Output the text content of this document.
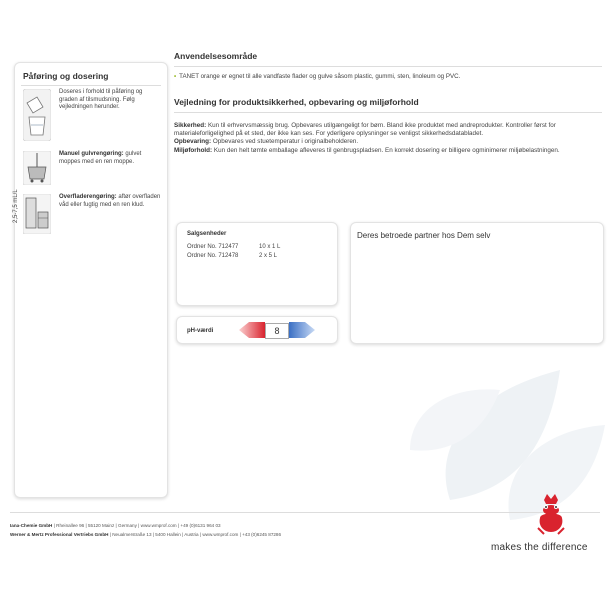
Påføring og dosering
2,5-7,5 mL/L
Doseres i forhold til påføring og graden af tilsmudsning. Følg vejledningen herunder.
Manuel gulvrengøring: gulvet moppes med en ren moppe.
Overfladerengøring: aftør overfladen våd eller fugtig med en ren klud.
Anvendelsesområde
• TANET orange er egnet til alle vandfaste flader og gulve såsom plastic, gummi, sten, linoleum og PVC.
Vejledning for produktsikkerhed, opbevaring og miljøforhold
Sikkerhed: Kun til erhvervsmæssig brug. Opbevares utilgængeligt for børn. Bland ikke produktet med andreprodukter. Kontroller først for materialeforligelighed på et sted, der ikke kan ses. For yderligere oplysninger se venligst sikkerhedsdatabladet.
Opbevaring: Opbevares ved stuetemperatur i originalbeholderen.
Miljøforhold: Kun den helt tømte emballage afleveres til genbrugspladsen. En korrekt dosering er billigere ogminimerer miljøbelastningen.
Salgsenheder
Ordner No. 712477	10 x 1 L
Ordner No. 712478	2 x 5 L
Deres betroede partner hos Dem selv
pH-værdi	8
Iana-Chemie GmbH | Rheinallee 96 | 55120 Mainz | Germany | www.wmprof.com | +49 (0)6131 964 03
Werner & Mertz Professional Vertriebs GmbH | Neualmerstraße 13 | 5400 Hallein | Austria | www.wmprof.com | +43 (0)6245 87286
makes the difference
